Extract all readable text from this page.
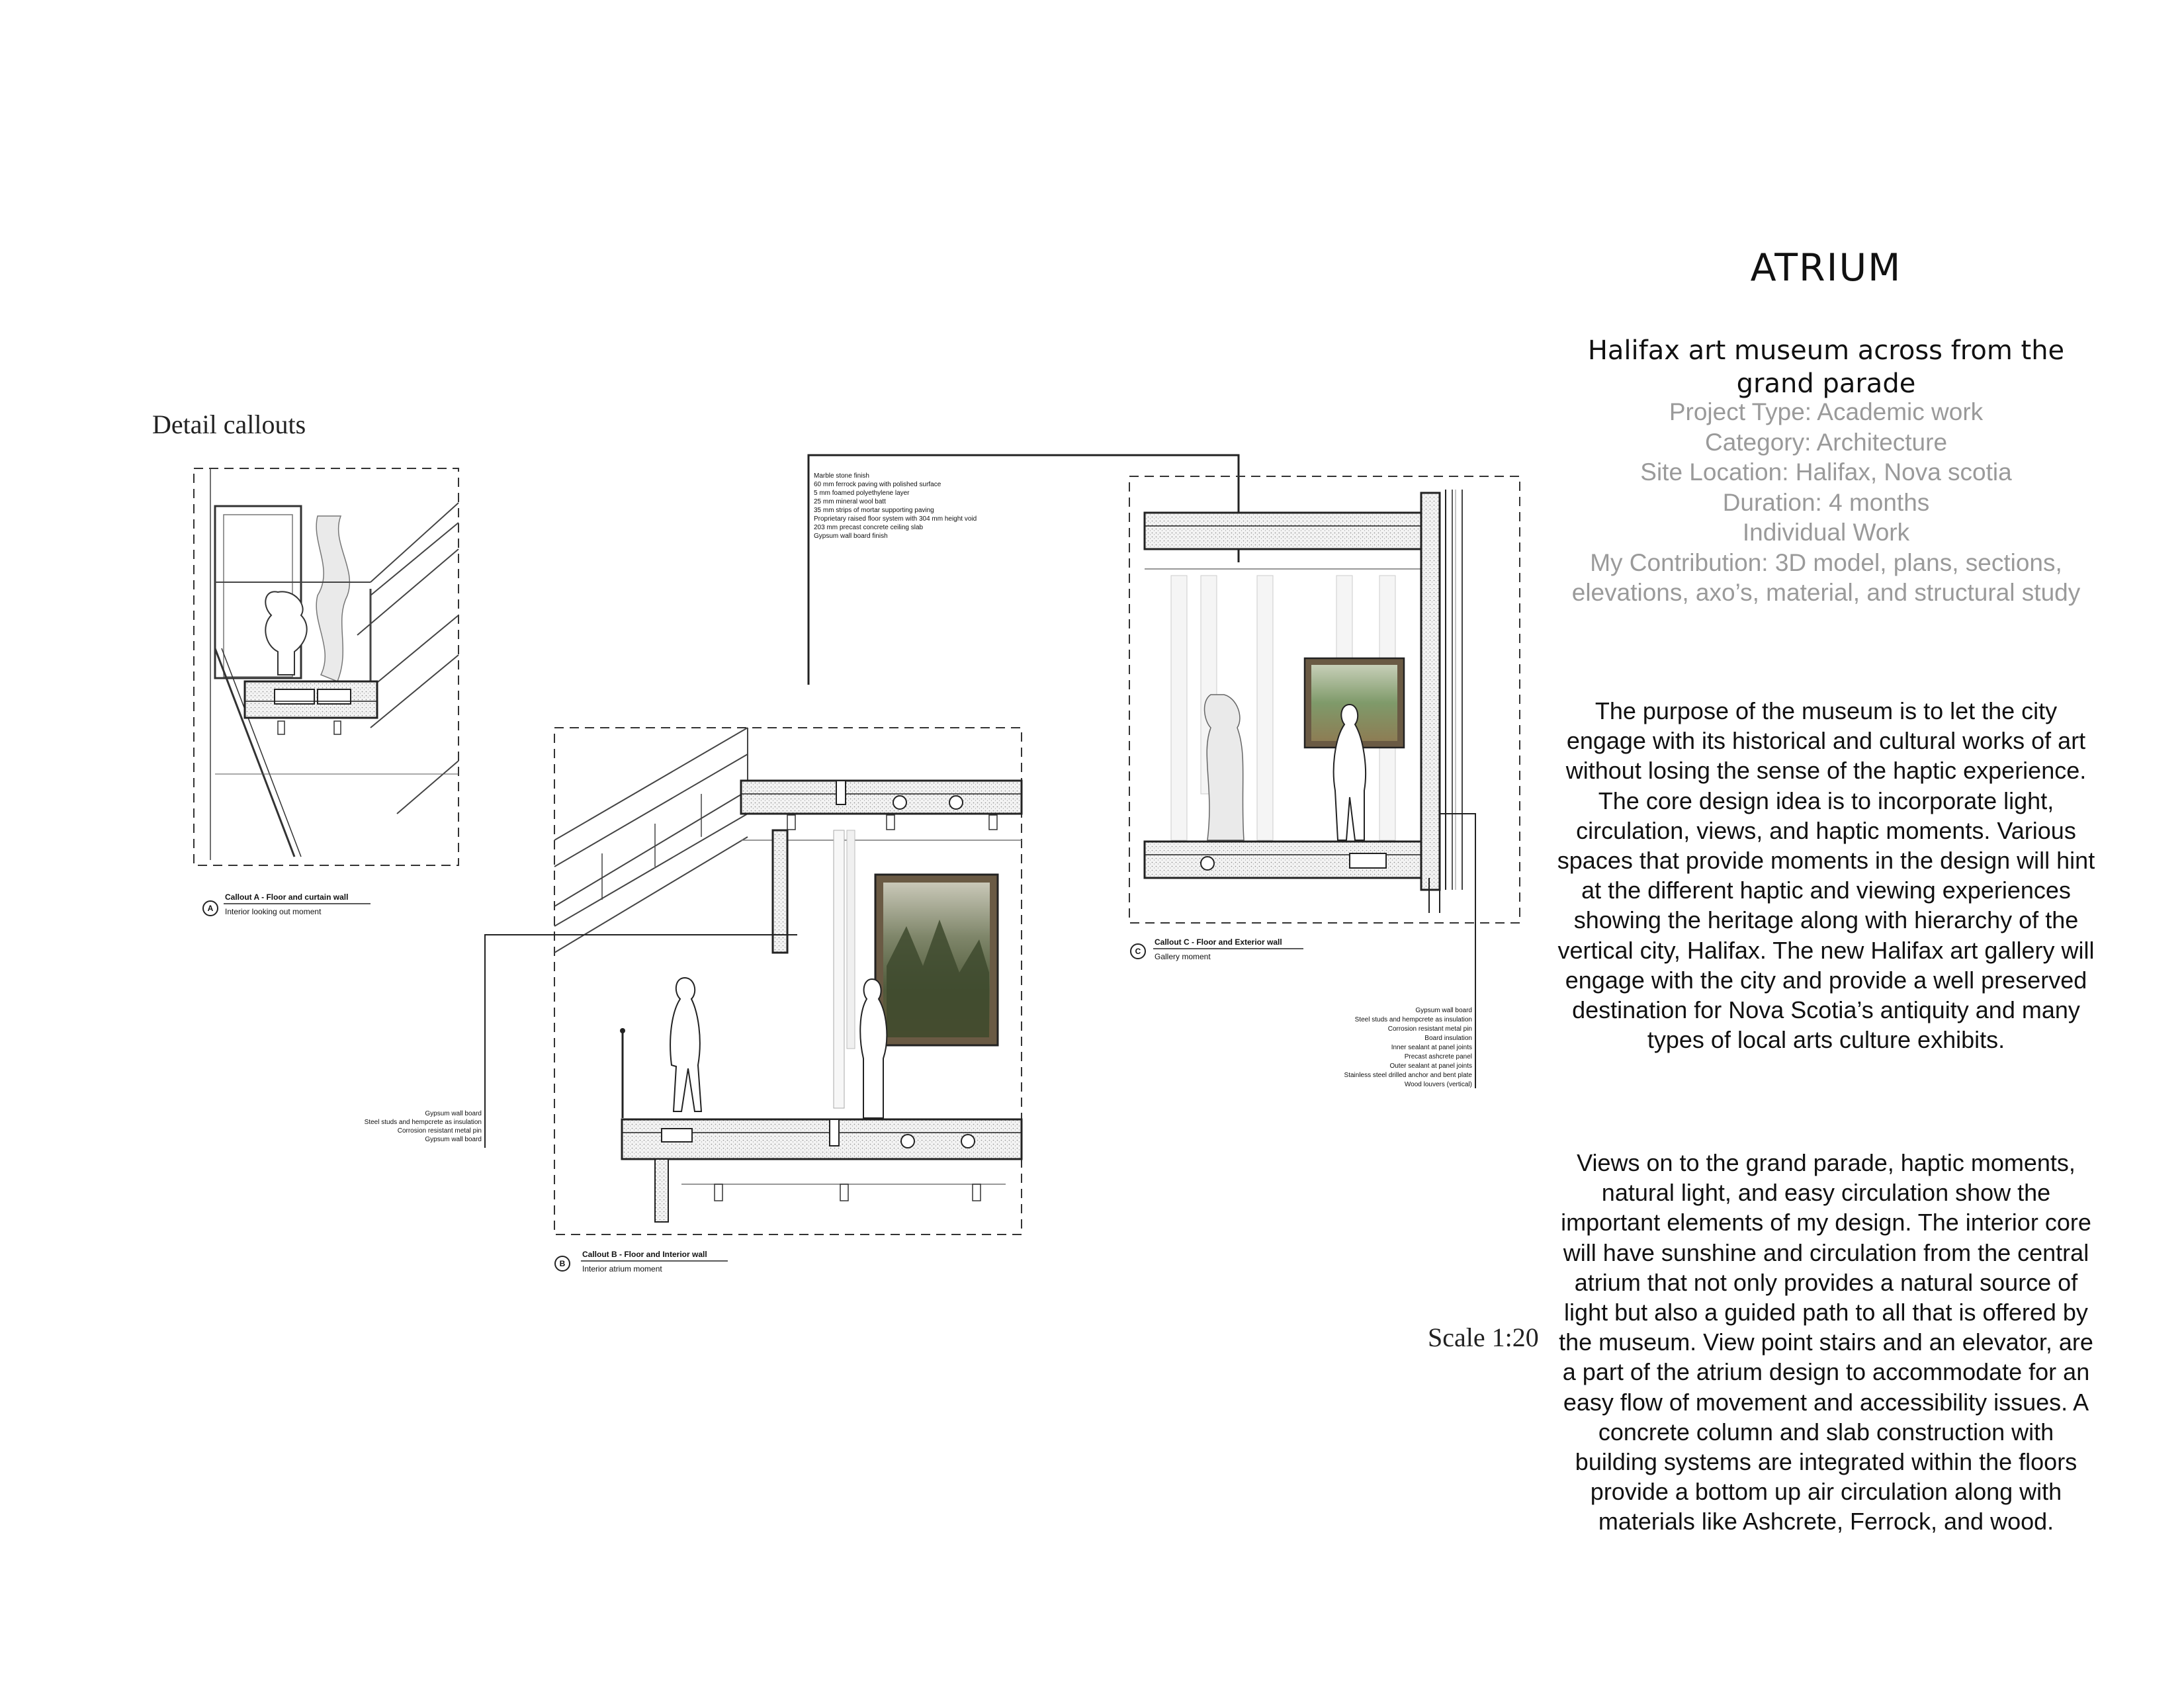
A
Callout A - Floor and curtain wall
Interior looking out moment
B
Callout B - Floor and Interior wall
Interior atrium moment
C
Callout C - Floor and Exterior wall
Gallery moment
Marble stone finish
60 mm ferrock paving with polished surface
5 mm foamed polyethylene layer
25 mm mineral wool batt
35 mm strips of mortar supporting paving
Proprietary raised floor system with 304 mm height void
203 mm precast concrete ceiling slab
Gypsum wall board finish
Gypsum wall board
Steel studs and hempcrete as insulation
Corrosion resistant metal pin
Gypsum wall board
Gypsum wall board
Steel studs and hempcrete as insulation
Corrosion resistant metal pin
Board insulation
Inner sealant at panel joints
Precast ashcrete panel
Outer sealant at panel joints
Stainless steel drilled anchor and bent plate
Wood louvers (vertical)
Detail callouts
Scale 1:20
ATRIUM
Halifax art museum across from the grand parade
Project Type: Academic work
Category: Architecture
Site Location: Halifax, Nova scotia
Duration: 4 months
Individual Work
My Contribution: 3D model, plans, sections, elevations, axo’s, material, and structural study

The purpose of the museum is to let the city engage with its historical and cultural works of art without losing the sense of the haptic experience. The core design idea is to incorporate light, circulation, views, and haptic moments. Various spaces that provide moments in the design will hint at the different haptic and viewing experiences showing the heritage along with hierarchy of the vertical city, Halifax. The new Halifax art gallery will engage with the city and provide a well preserved destination for Nova Scotia’s antiquity and many types of local arts culture exhibits.

Views on to the grand parade, haptic moments, natural light, and easy circulation show the important elements of my design. The interior core will have sunshine and circulation from the central atrium that not only provides a natural source of light but also a guided path to all that is offered by the museum. View point stairs and an elevator, are a part of the atrium design to accommodate for an easy flow of movement and accessibility issues. A concrete column and slab construction with building systems are integrated within the floors provide a bottom up air circulation along with materials like Ashcrete, Ferrock, and wood.
